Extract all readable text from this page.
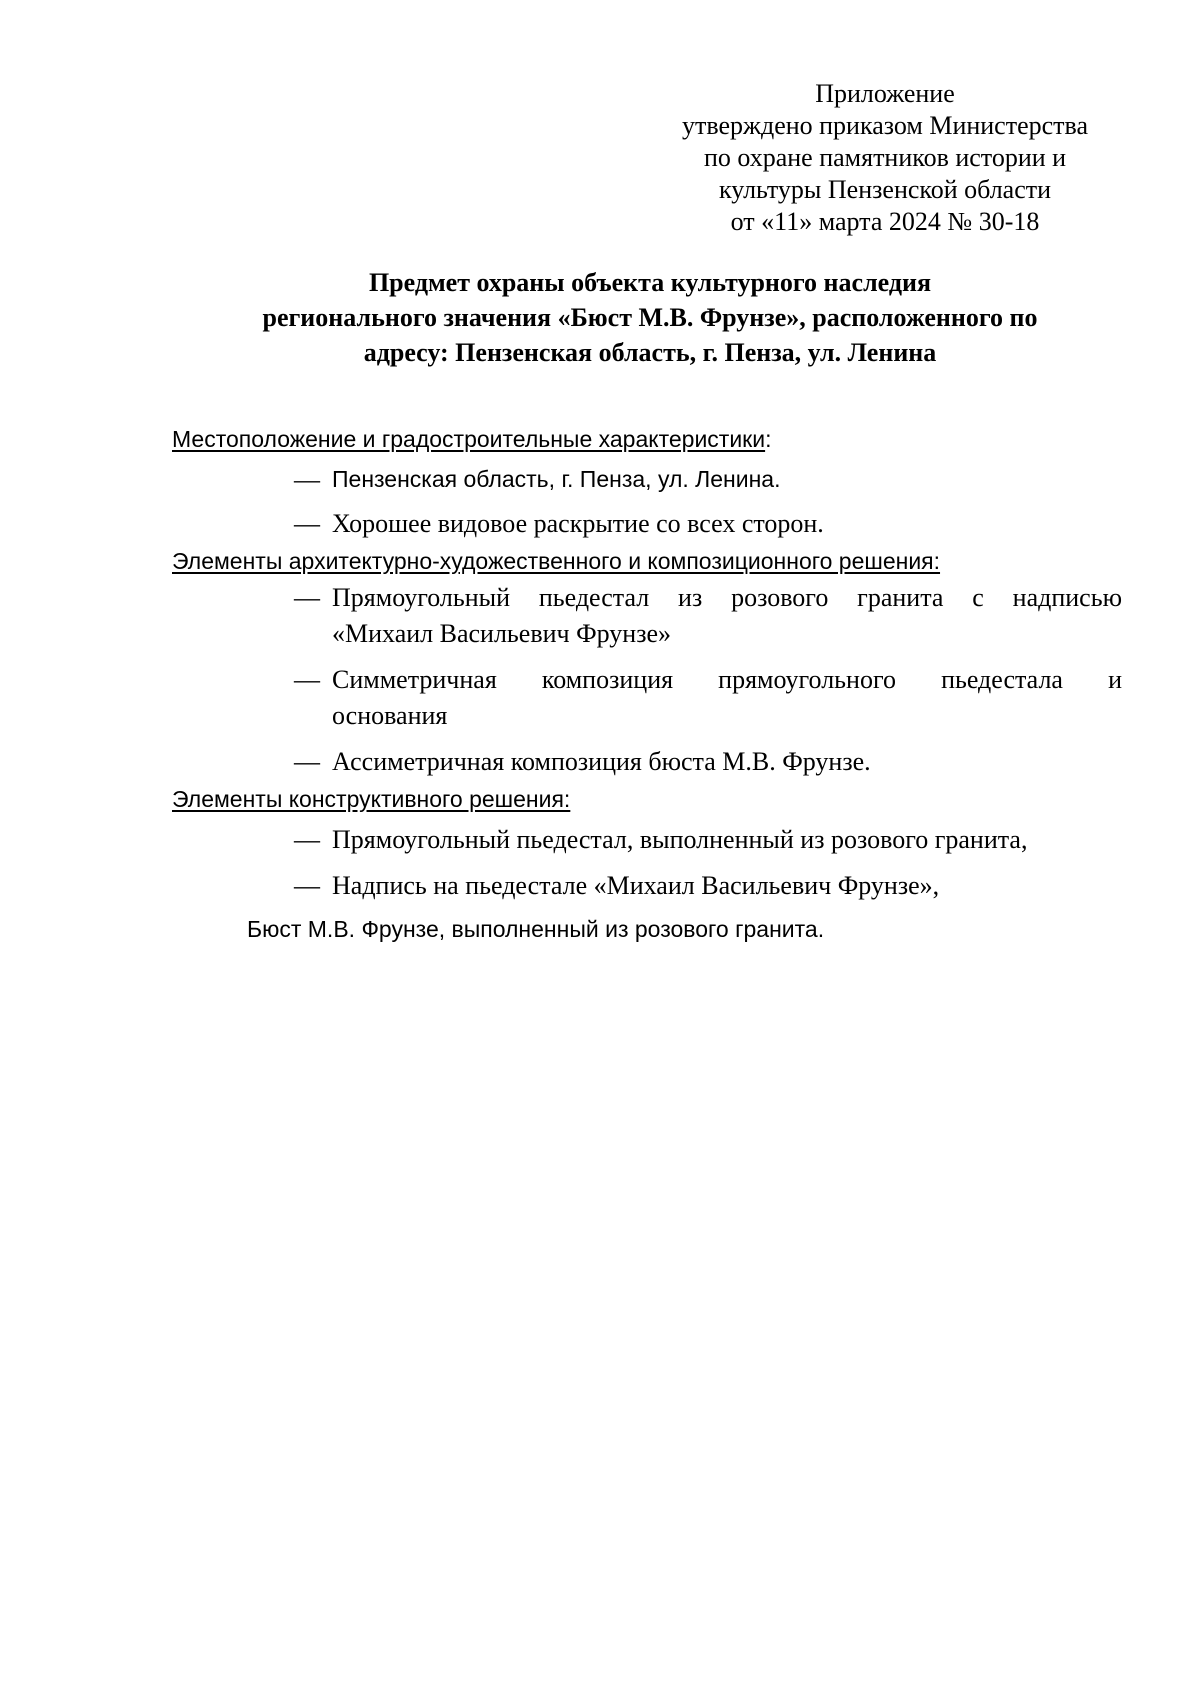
Приложение
утверждено приказом Министерства
по охране памятников истории и
культуры Пензенской области
от «11» марта 2024 № 30-18
Предмет охраны объекта культурного наследия
регионального значения «Бюст М.В. Фрунзе», расположенного по
адресу: Пензенская область, г. Пенза, ул. Ленина
Местоположение и градостроительные характеристики:
— Пензенская область, г. Пенза, ул. Ленина.
— Хорошее видовое раскрытие со всех сторон.
Элементы архитектурно-художественного и композиционного решения:
— Прямоугольный пьедестал из розового гранита с надписью
«Михаил Васильевич Фрунзе»
— Симметричная композиция прямоугольного пьедестала и
основания
— Ассиметричная композиция бюста М.В. Фрунзе.
Элементы конструктивного решения:
— Прямоугольный пьедестал, выполненный из розового гранита,
— Надпись на пьедестале «Михаил Васильевич Фрунзе»,
Бюст М.В. Фрунзе, выполненный из розового гранита.
